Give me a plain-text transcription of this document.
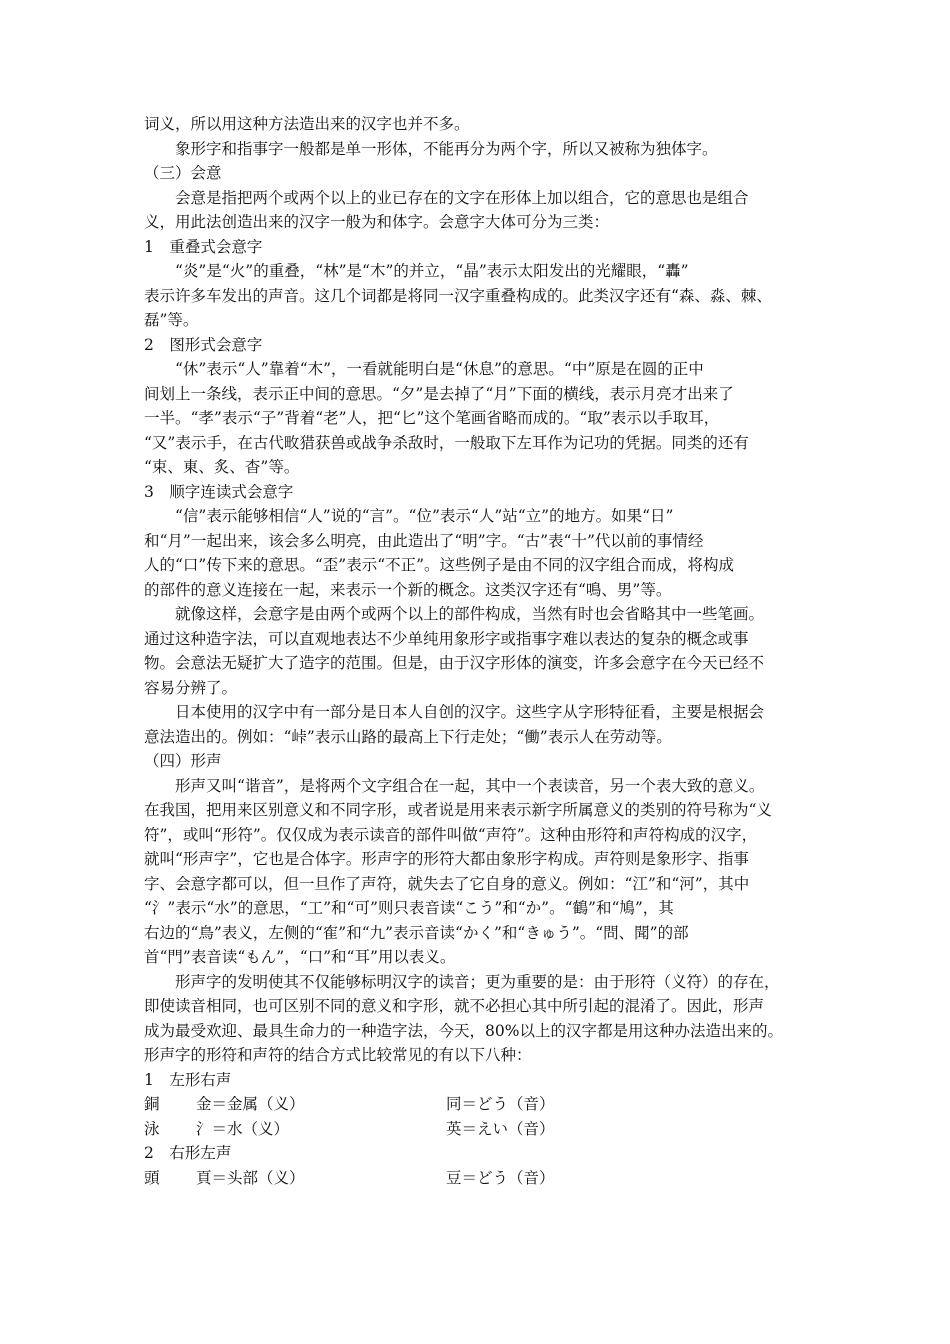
词义，所以用这种方法造出来的汉字也并不多。
象形字和指事字一般都是单一形体，不能再分为两个字，所以又被称为独体字。
（三）会意
会意是指把两个或两个以上的业已存在的文字在形体上加以组合，它的意思也是组合
义，用此法创造出来的汉字一般为和体字。会意字大体可分为三类：
1　重叠式会意字
“炎”是“火”的重叠，“林”是“木”的并立，“晶”表示太阳发出的光耀眼，“轟”
表示许多车发出的声音。这几个词都是将同一汉字重叠构成的。此类汉字还有“森、淼、棘、
磊”等。
2　图形式会意字
“休”表示“人”靠着“木”，一看就能明白是“休息”的意思。“中”原是在圆的正中
间划上一条线，表示正中间的意思。“夕”是去掉了“月”下面的横线，表示月亮才出来了
一半。“孝”表示“子”背着“老”人，把“匕”这个笔画省略而成的。“取”表示以手取耳，
“又”表示手，在古代畋猎获兽或战争杀敌时，一般取下左耳作为记功的凭据。同类的还有
“束、東、炙、杳”等。
3　顺字连读式会意字
“信”表示能够相信“人”说的“言”。“位”表示“人”站“立”的地方。如果“日”
和“月”一起出来，该会多么明亮，由此造出了“明”字。“古”表“十”代以前的事情经
人的“口”传下来的意思。“歪”表示“不正”。这些例子是由不同的汉字组合而成，将构成
的部件的意义连接在一起，来表示一个新的概念。这类汉字还有“鳴、男”等。
就像这样，会意字是由两个或两个以上的部件构成，当然有时也会省略其中一些笔画。
通过这种造字法，可以直观地表达不少单纯用象形字或指事字难以表达的复杂的概念或事
物。会意法无疑扩大了造字的范围。但是，由于汉字形体的演变，许多会意字在今天已经不
容易分辨了。
日本使用的汉字中有一部分是日本人自创的汉字。这些字从字形特征看，主要是根据会
意法造出的。例如：“峠”表示山路的最高上下行走处；“働”表示人在劳动等。
（四）形声
形声又叫“谐音”，是将两个文字组合在一起，其中一个表读音，另一个表大致的意义。
在我国，把用来区别意义和不同字形，或者说是用来表示新字所属意义的类别的符号称为“义
符”，或叫“形符”。仅仅成为表示读音的部件叫做“声符”。这种由形符和声符构成的汉字，
就叫“形声字”，它也是合体字。形声字的形符大都由象形字构成。声符则是象形字、指事
字、会意字都可以，但一旦作了声符，就失去了它自身的意义。例如：“江”和“河”，其中
“氵”表示“水”的意思，“工”和“可”则只表音读“こう”和“か”。“鶴”和“鳩”，其
右边的“鳥”表义，左侧的“隺”和“九”表示音读“かく”和“きゅう”。“問、聞”的部
首“門”表音读“もん”，“口”和“耳”用以表义。
形声字的发明使其不仅能够标明汉字的读音；更为重要的是：由于形符（义符）的存在，
即使读音相同，也可区别不同的意义和字形，就不必担心其中所引起的混淆了。因此，形声
成为最受欢迎、最具生命力的一种造字法，今天，80%以上的汉字都是用这种办法造出来的。
形声字的形符和声符的结合方式比较常见的有以下八种：
1　左形右声
銅	金＝金属（义）	同＝どう（音）
泳	氵＝水（义）	英＝えい（音）
2　右形左声
頭	頁＝头部（义）	豆＝どう（音）
